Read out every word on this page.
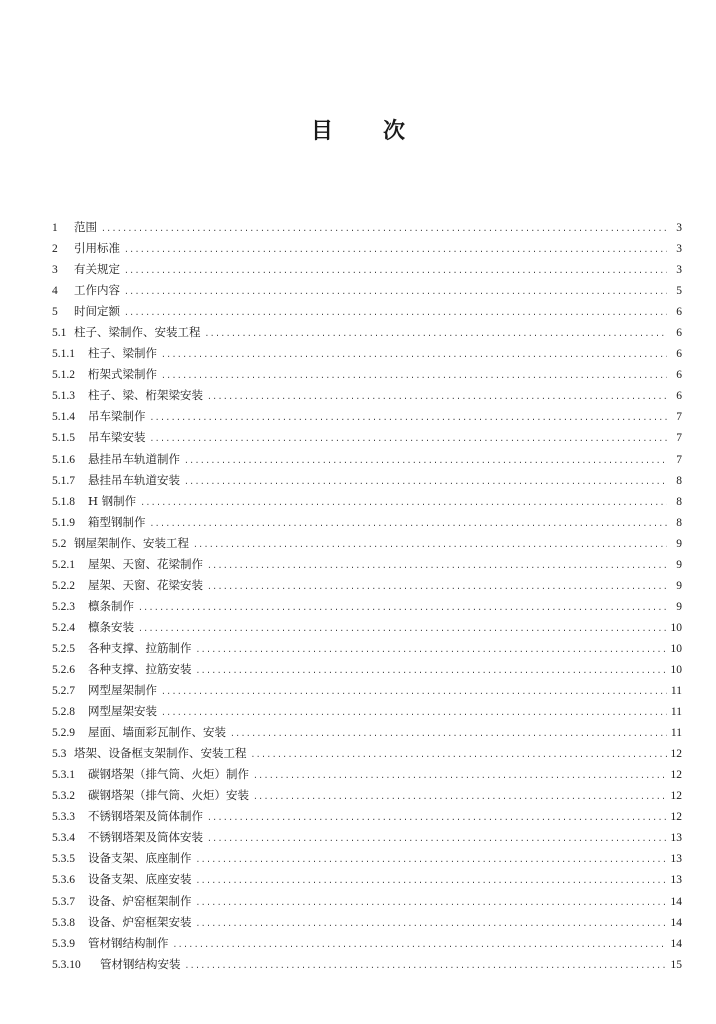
目 次
1	范围 .....	3
2	引用标准 .....	3
3	有关规定 .....	3
4	工作内容 .....	5
5	时间定额 .....	6
5.1 柱子、梁制作、安装工程 .....	6
5.1.1	柱子、梁制作 .....	6
5.1.2	桁架式梁制作 .....	6
5.1.3	柱子、梁、桁架梁安装 .....	6
5.1.4	吊车梁制作 .....	7
5.1.5	吊车梁安装 .....	7
5.1.6	悬挂吊车轨道制作 .....	7
5.1.7	悬挂吊车轨道安装 .....	8
5.1.8	H 钢制作 .....	8
5.1.9	箱型钢制作 .....	8
5.2 钢屋架制作、安装工程 .....	9
5.2.1	屋架、天窗、花梁制作 .....	9
5.2.2	屋架、天窗、花梁安装 .....	9
5.2.3	檩条制作 .....	9
5.2.4	檩条安装 .....	10
5.2.5	各种支撑、拉筋制作 .....	10
5.2.6	各种支撑、拉筋安装 .....	10
5.2.7	网型屋架制作 .....	11
5.2.8	网型屋架安装 .....	11
5.2.9	屋面、墙面彩瓦制作、安装 .....	11
5.3 塔架、设备框支架制作、安装工程 .....	12
5.3.1	碳钢塔架（排气筒、火炬）制作 .....	12
5.3.2	碳钢塔架（排气筒、火炬）安装 .....	12
5.3.3	不锈钢塔架及筒体制作 .....	12
5.3.4	不锈钢塔架及筒体安装 .....	13
5.3.5	设备支架、底座制作 .....	13
5.3.6	设备支架、底座安装 .....	13
5.3.7	设备、炉窑框架制作 .....	14
5.3.8	设备、炉窑框架安装 .....	14
5.3.9	管材钢结构制作 .....	14
5.3.10	管材钢结构安装 .....	15
